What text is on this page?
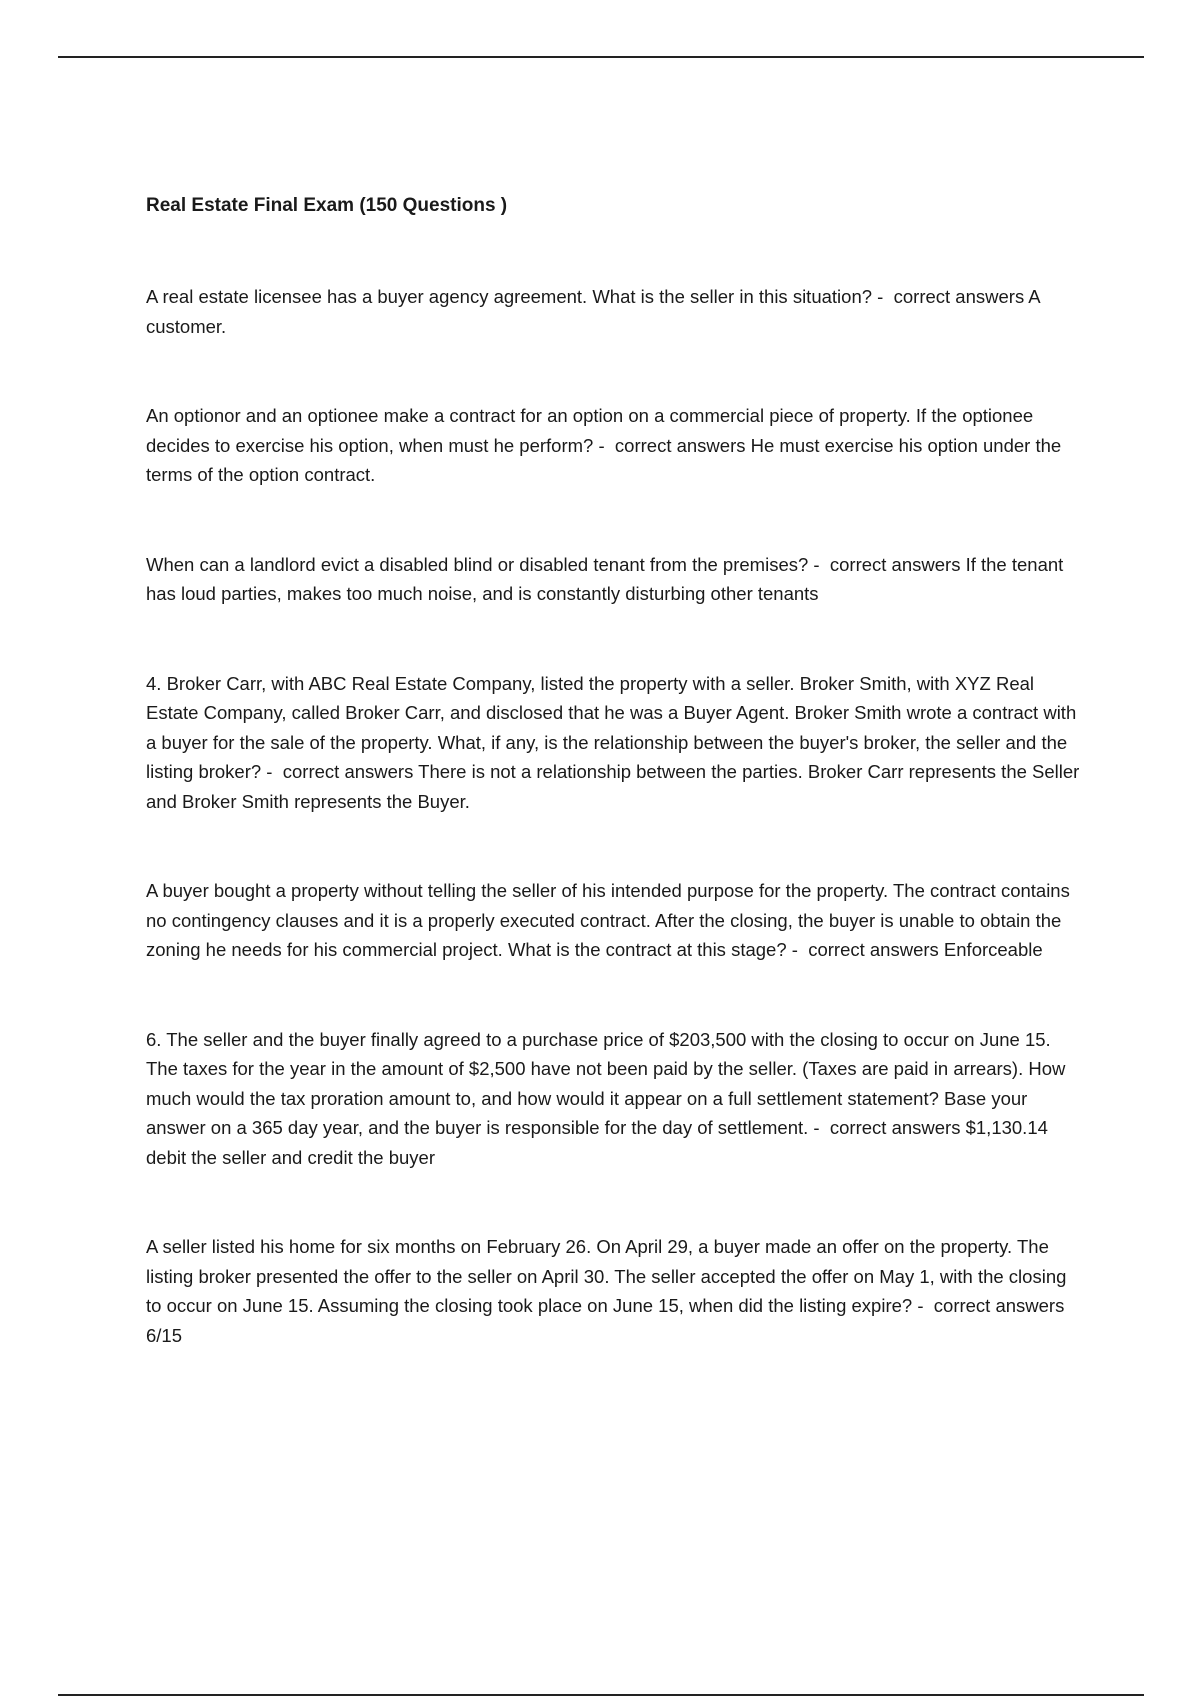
Real Estate Final Exam (150 Questions )

A real estate licensee has a buyer agency agreement. What is the seller in this situation? -  correct answers A customer.

An optionor and an optionee make a contract for an option on a commercial piece of property. If the optionee decides to exercise his option, when must he perform? -  correct answers He must exercise his option under the terms of the option contract.

When can a landlord evict a disabled blind or disabled tenant from the premises? -  correct answers If the tenant has loud parties, makes too much noise, and is constantly disturbing other tenants

4. Broker Carr, with ABC Real Estate Company, listed the property with a seller. Broker Smith, with XYZ Real Estate Company, called Broker Carr, and disclosed that he was a Buyer Agent. Broker Smith wrote a contract with a buyer for the sale of the property. What, if any, is the relationship between the buyer's broker, the seller and the listing broker? -  correct answers There is not a relationship between the parties. Broker Carr represents the Seller and Broker Smith represents the Buyer.

A buyer bought a property without telling the seller of his intended purpose for the property. The contract contains no contingency clauses and it is a properly executed contract. After the closing, the buyer is unable to obtain the zoning he needs for his commercial project. What is the contract at this stage? -  correct answers Enforceable

6. The seller and the buyer finally agreed to a purchase price of $203,500 with the closing to occur on June 15. The taxes for the year in the amount of $2,500 have not been paid by the seller. (Taxes are paid in arrears). How much would the tax proration amount to, and how would it appear on a full settlement statement? Base your answer on a 365 day year, and the buyer is responsible for the day of settlement. -  correct answers $1,130.14 debit the seller and credit the buyer

A seller listed his home for six months on February 26. On April 29, a buyer made an offer on the property. The listing broker presented the offer to the seller on April 30. The seller accepted the offer on May 1, with the closing to occur on June 15. Assuming the closing took place on June 15, when did the listing expire? -  correct answers 6/15
